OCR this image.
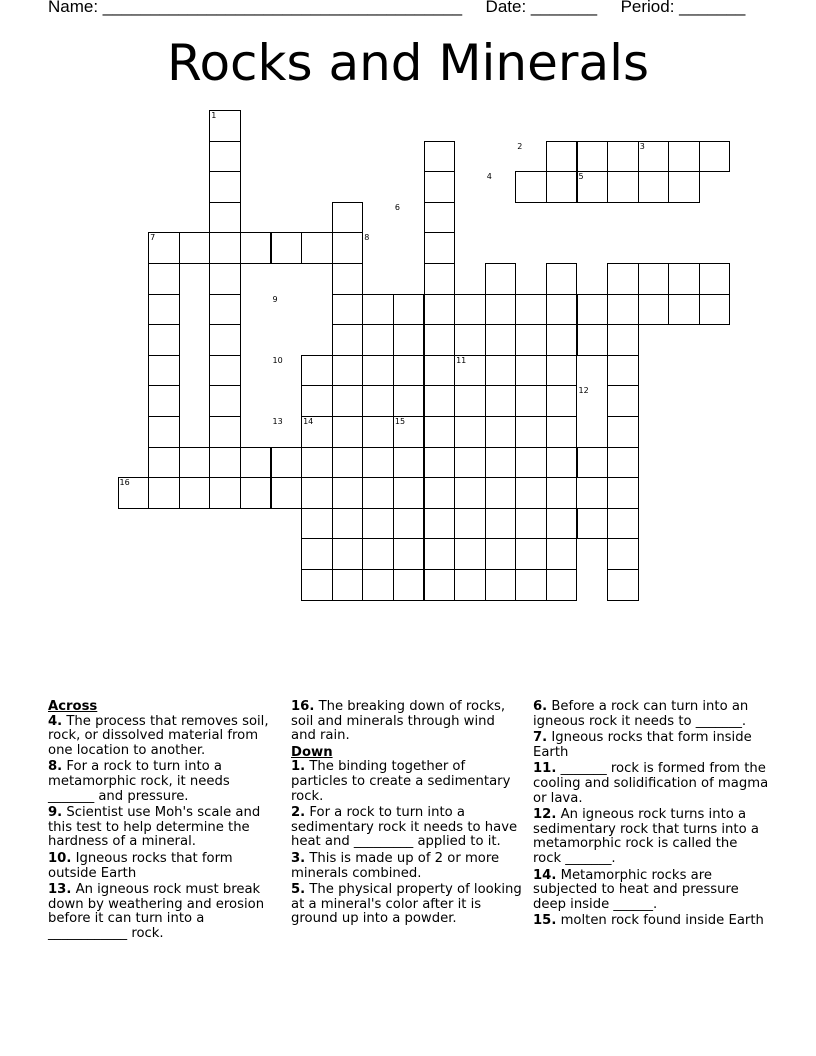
Name: ______________________________________ Date: _______ Period: _______
Rocks and Minerals
1
2	3
4	5
6
7	8
9
10	11
12
13	14	15
16

Across

4. The process that removes soil, rock, or dissolved material from one location to another.

8. For a rock to turn into a metamorphic rock, it needs _______ and pressure.

9. Scientist use Moh's scale and this test to help determine the hardness of a mineral.

10. Igneous rocks that form outside Earth

13. An igneous rock must break down by weathering and erosion before it can turn into a ____________ rock.

16. The breaking down of rocks, soil and minerals through wind and rain.

Down

1. The binding together of particles to create a sedimentary rock.

2. For a rock to turn into a sedimentary rock it needs to have heat and _________ applied to it.

3. This is made up of 2 or more minerals combined.

5. The physical property of looking at a mineral's color after it is ground up into a powder.

6. Before a rock can turn into an igneous rock it needs to _______.

7. Igneous rocks that form inside Earth

11. _______ rock is formed from the cooling and solidification of magma or lava.

12. An igneous rock turns into a sedimentary rock that turns into a metamorphic rock is called the rock _______.

14. Metamorphic rocks are subjected to heat and pressure deep inside ______.

15. molten rock found inside Earth
